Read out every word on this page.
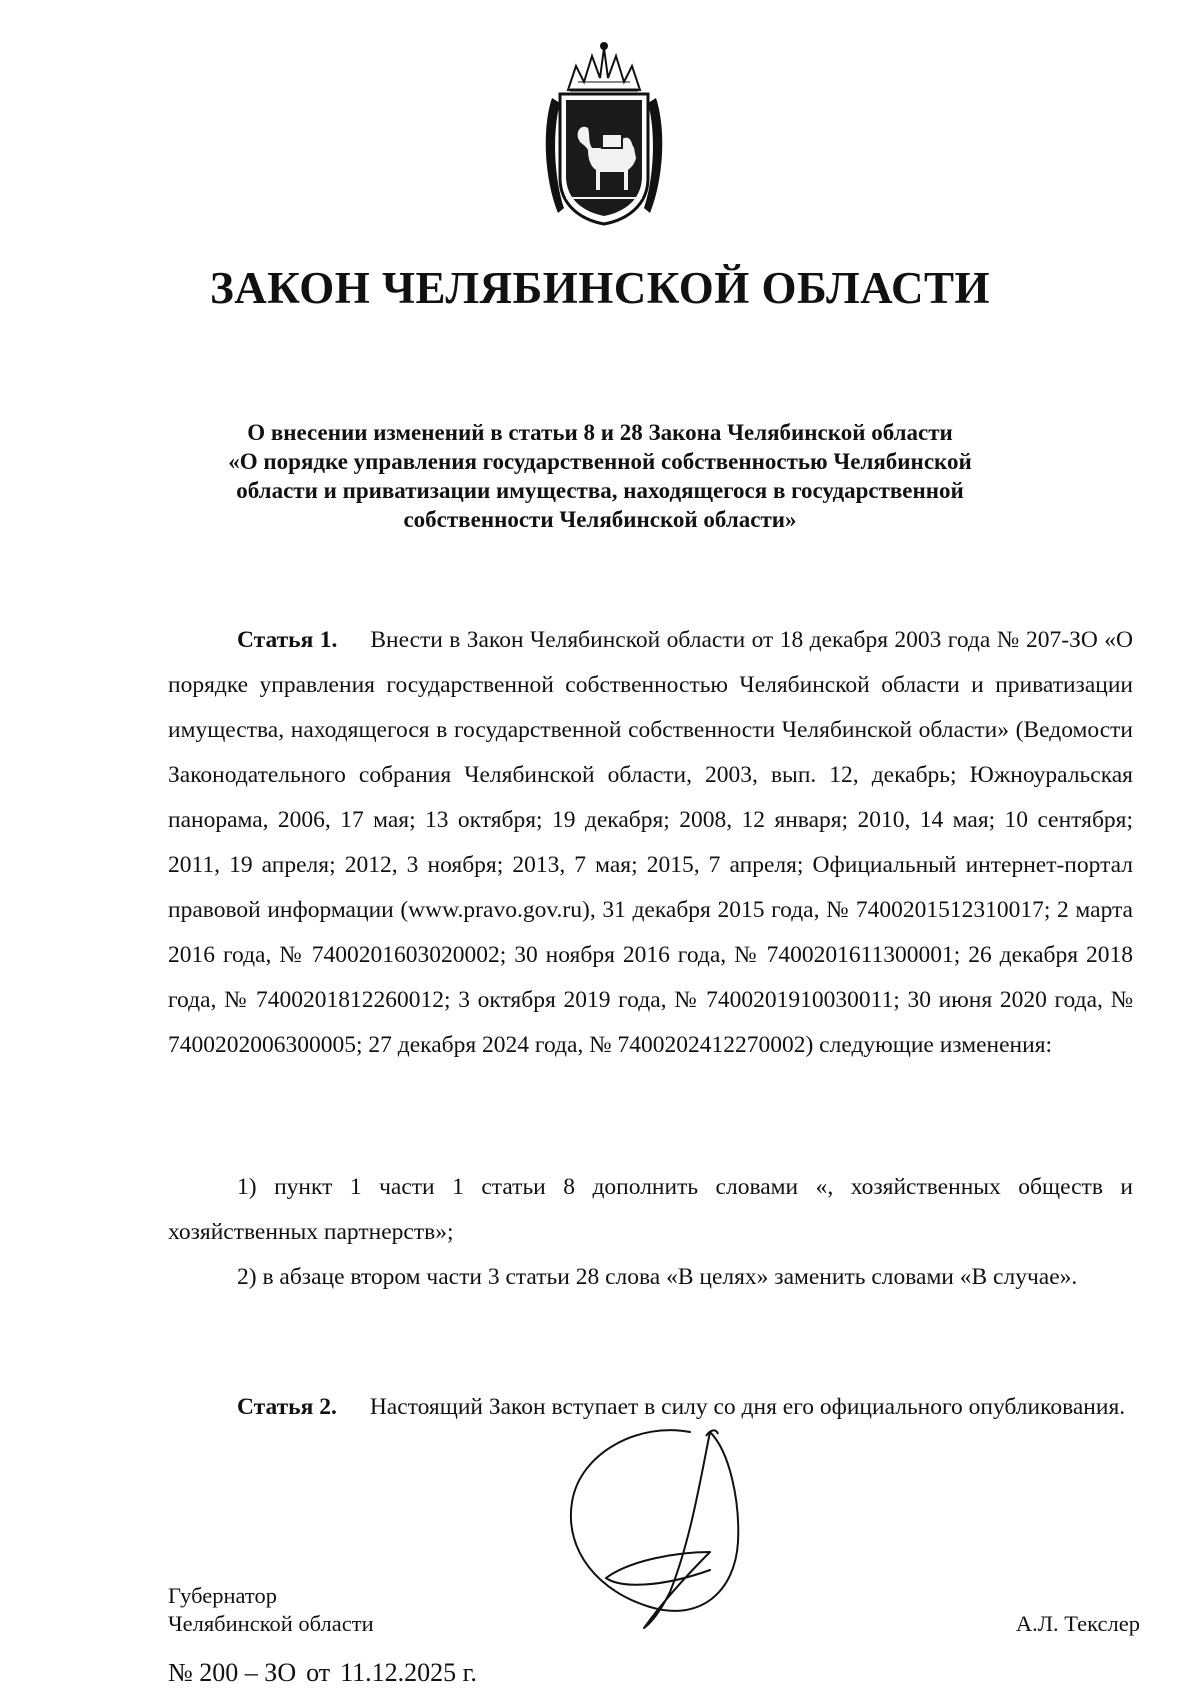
ЗАКОН ЧЕЛЯБИНСКОЙ ОБЛАСТИ
О внесении изменений в статьи 8 и 28 Закона Челябинской области
«О порядке управления государственной собственностью Челябинской
области и приватизации имущества, находящегося в государственной
собственности Челябинской области»
Статья 1. Внести в Закон Челябинской области от 18 декабря 2003 года № 207-ЗО «О порядке управления государственной собственностью Челябинской области и приватизации имущества, находящегося в государственной собственности Челябинской области» (Ведомости Законодательного собрания Челябинской области, 2003, вып. 12, декабрь; Южноуральская панорама, 2006, 17 мая; 13 октября; 19 декабря; 2008, 12 января; 2010, 14 мая; 10 сентября; 2011, 19 апреля; 2012, 3 ноября; 2013, 7 мая; 2015, 7 апреля; Официальный интернет-портал правовой информации (www.pravo.gov.ru), 31 декабря 2015 года, № 7400201512310017; 2 марта 2016 года, № 7400201603020002; 30 ноября 2016 года, № 7400201611300001; 26 декабря 2018 года, № 7400201812260012; 3 октября 2019 года, № 7400201910030011; 30 июня 2020 года, № 7400202006300005; 27 декабря 2024 года, № 7400202412270002) следующие изменения:
1) пункт 1 части 1 статьи 8 дополнить словами «, хозяйственных обществ и хозяйственных партнерств»;
2) в абзаце втором части 3 статьи 28 слова «В целях» заменить словами «В случае».
Статья 2. Настоящий Закон вступает в силу со дня его официального опубликования.
Губернатор
Челябинской области	А.Л. Текслер
№ 200 – ЗО от 11.12.2025 г.
